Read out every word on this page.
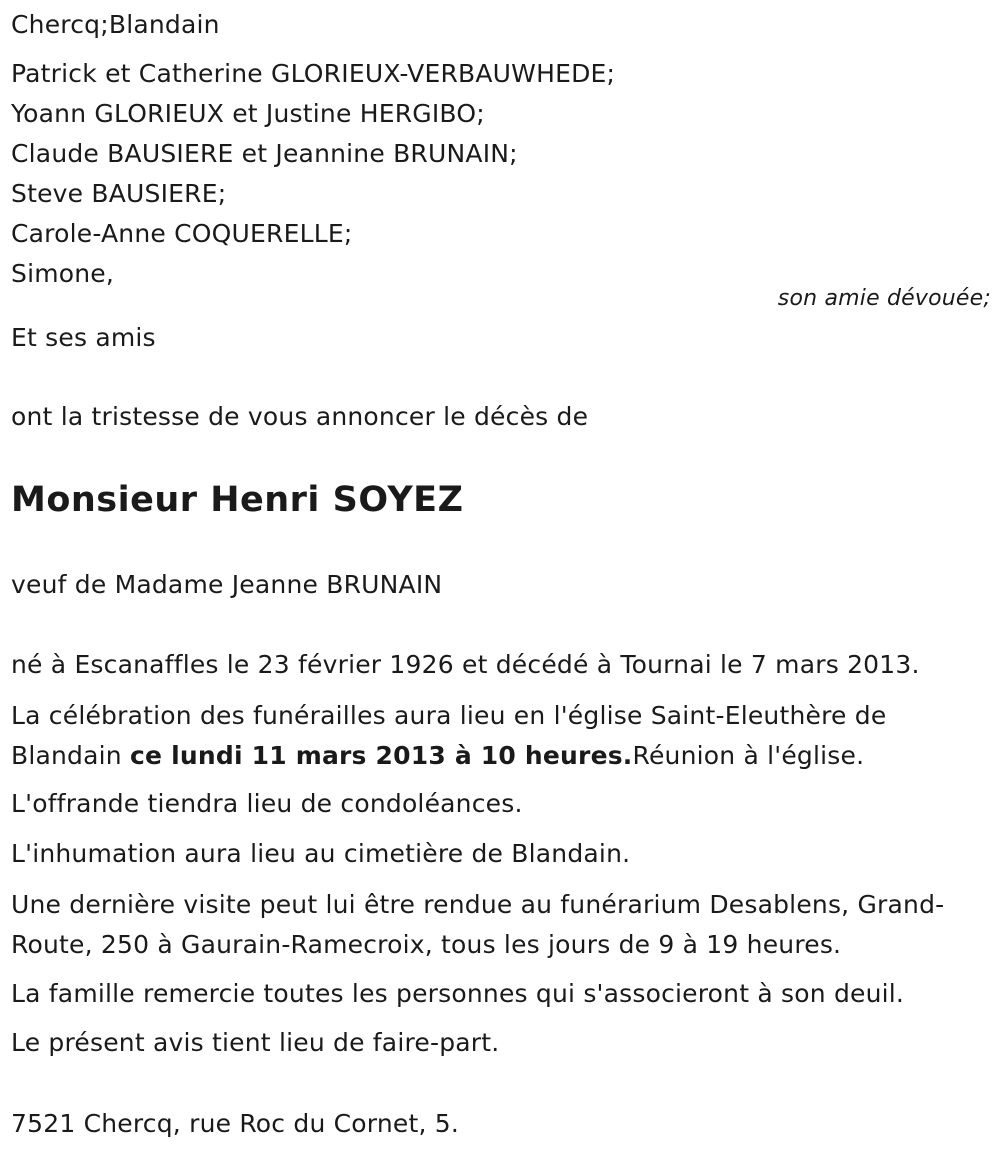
Chercq;Blandain
Patrick et Catherine GLORIEUX-VERBAUWHEDE;
Yoann GLORIEUX et Justine HERGIBO;
Claude BAUSIERE et Jeannine BRUNAIN;
Steve BAUSIERE;
Carole-Anne COQUERELLE;
Simone,
son amie dévouée;
Et ses amis
ont la tristesse de vous annoncer le décès de
Monsieur Henri SOYEZ
veuf de Madame Jeanne BRUNAIN
né à Escanaffles le 23 février 1926 et décédé à Tournai le 7 mars 2013.
La célébration des funérailles aura lieu en l'église Saint-Eleuthère de Blandain ce lundi 11 mars 2013 à 10 heures.Réunion à l'église.
L'offrande tiendra lieu de condoléances.
L'inhumation aura lieu au cimetière de Blandain.
Une dernière visite peut lui être rendue au funérarium Desablens, Grand-Route, 250 à Gaurain-Ramecroix, tous les jours de 9 à 19 heures.
La famille remercie toutes les personnes qui s'associeront à son deuil.
Le présent avis tient lieu de faire-part.
7521 Chercq, rue Roc du Cornet, 5.
